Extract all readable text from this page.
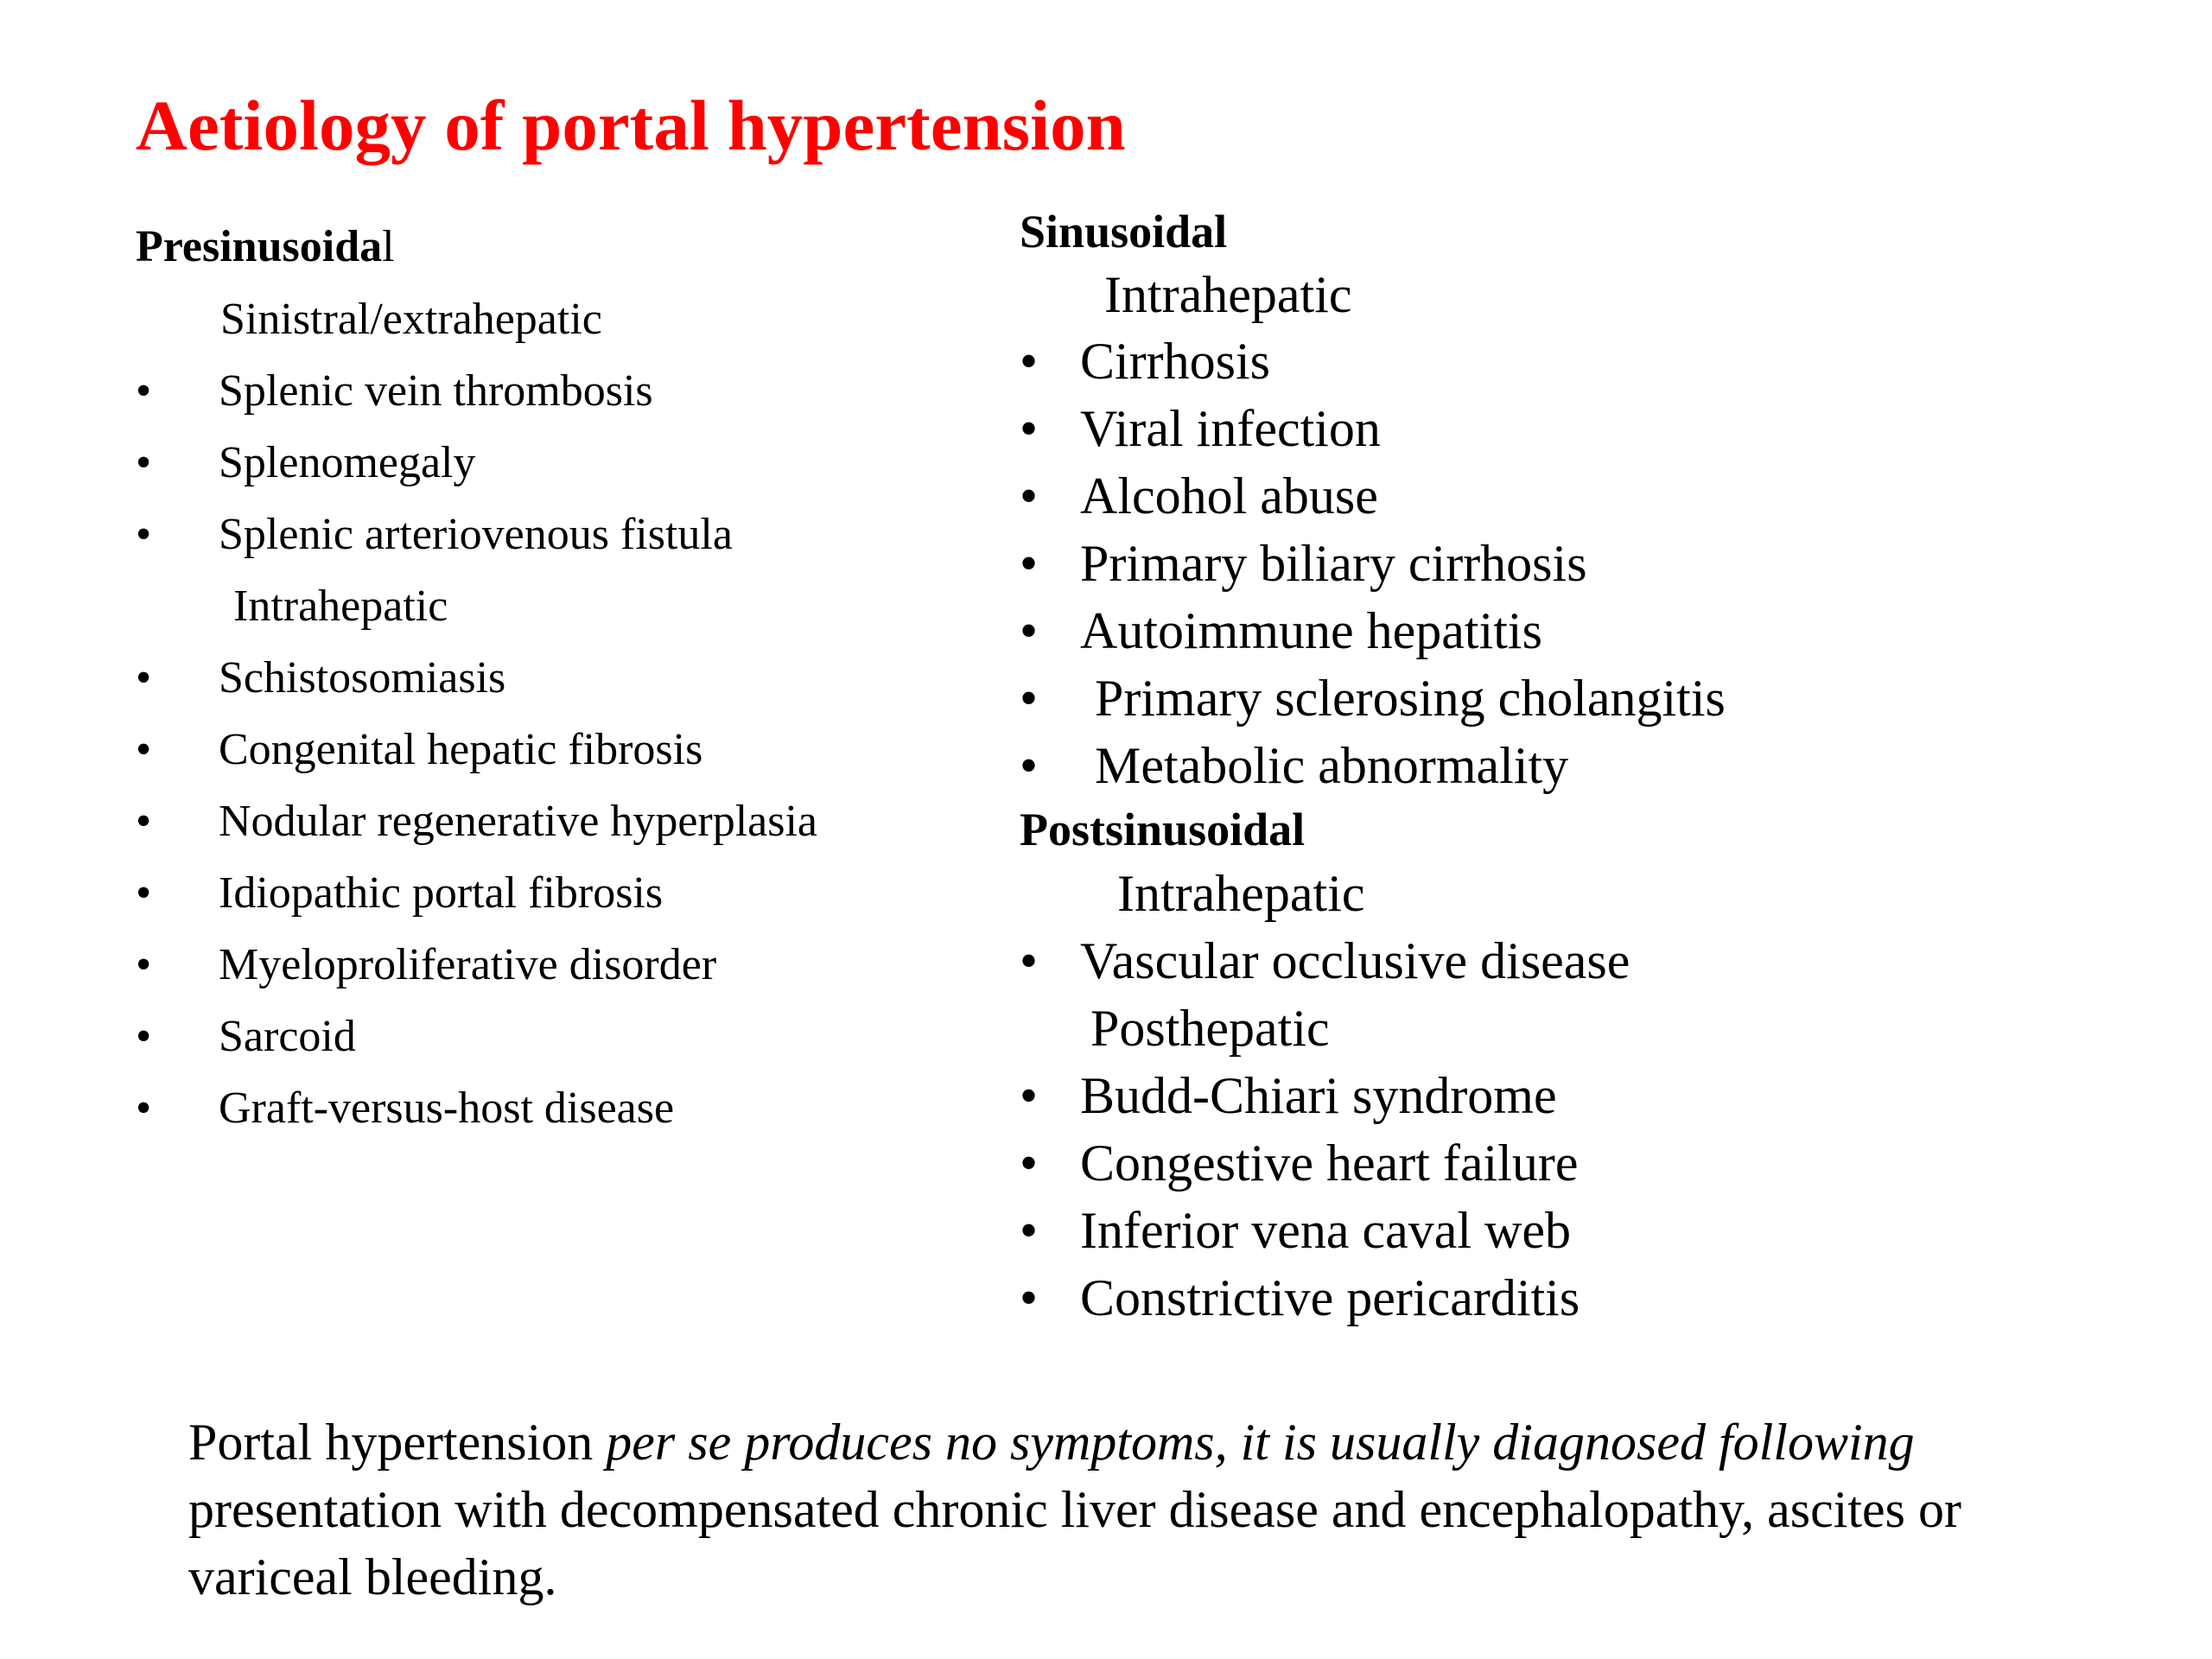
Aetiology of portal hypertension
Presinusoidal
Sinistral/extrahepatic
• Splenic vein thrombosis
• Splenomegaly
• Splenic arteriovenous fistula
Intrahepatic
• Schistosomiasis
• Congenital hepatic fibrosis
• Nodular regenerative hyperplasia
• Idiopathic portal fibrosis
• Myeloproliferative disorder
• Sarcoid
• Graft-versus-host disease
Sinusoidal
Intrahepatic
• Cirrhosis
• Viral infection
• Alcohol abuse
• Primary biliary cirrhosis
• Autoimmune hepatitis
• Primary sclerosing cholangitis
• Metabolic abnormality
Postsinusoidal
Intrahepatic
• Vascular occlusive disease
Posthepatic
• Budd-Chiari syndrome
• Congestive heart failure
• Inferior vena caval web
• Constrictive pericarditis

Portal hypertension per se produces no symptoms, it is usually diagnosed following presentation with decompensated chronic liver disease and encephalopathy, ascites or variceal bleeding.
